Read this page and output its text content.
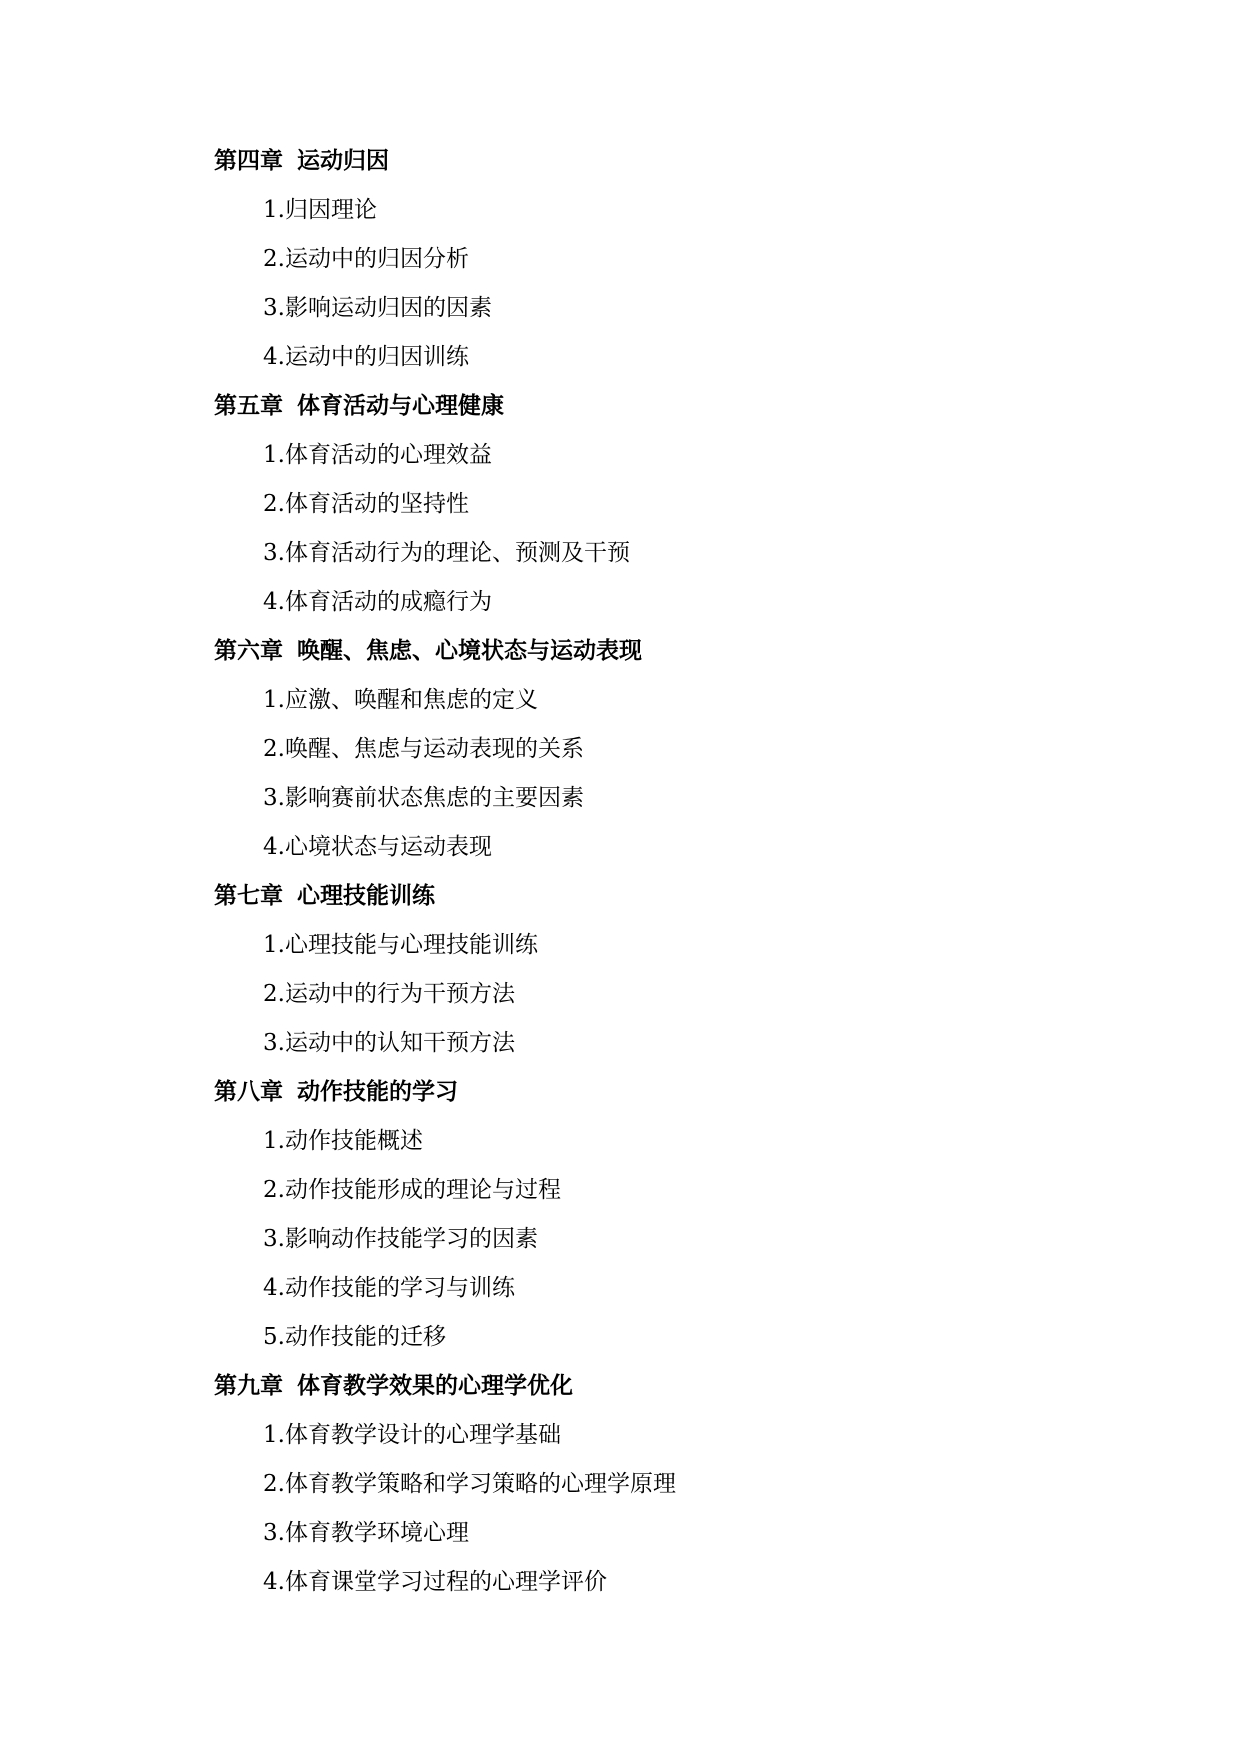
第四章 运动归因
1.归因理论
2.运动中的归因分析
3.影响运动归因的因素
4.运动中的归因训练
第五章 体育活动与心理健康
1.体育活动的心理效益
2.体育活动的坚持性
3.体育活动行为的理论、预测及干预
4.体育活动的成瘾行为
第六章 唤醒、焦虑、心境状态与运动表现
1.应激、唤醒和焦虑的定义
2.唤醒、焦虑与运动表现的关系
3.影响赛前状态焦虑的主要因素
4.心境状态与运动表现
第七章 心理技能训练
1.心理技能与心理技能训练
2.运动中的行为干预方法
3.运动中的认知干预方法
第八章 动作技能的学习
1.动作技能概述
2.动作技能形成的理论与过程
3.影响动作技能学习的因素
4.动作技能的学习与训练
5.动作技能的迁移
第九章 体育教学效果的心理学优化
1.体育教学设计的心理学基础
2.体育教学策略和学习策略的心理学原理
3.体育教学环境心理
4.体育课堂学习过程的心理学评价
